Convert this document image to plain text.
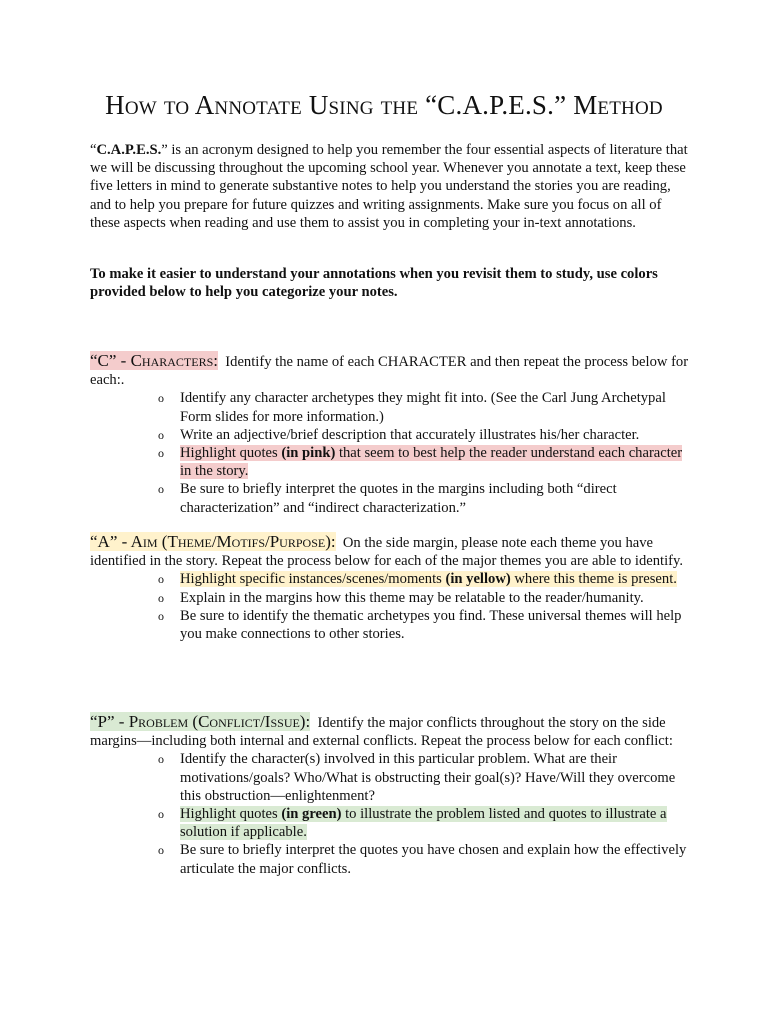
How to Annotate Using the “C.A.P.E.S.” Method
“C.A.P.E.S.” is an acronym designed to help you remember the four essential aspects of literature that we will be discussing throughout the upcoming school year. Whenever you annotate a text, keep these five letters in mind to generate substantive notes to help you understand the stories you are reading, and to help you prepare for future quizzes and writing assignments. Make sure you focus on all of these aspects when reading and use them to assist you in completing your in-text annotations.
To make it easier to understand your annotations when you revisit them to study, use colors provided below to help you categorize your notes.
“C” - Characters: Identify the name of each CHARACTER and then repeat the process below for each:.
o Identify any character archetypes they might fit into. (See the Carl Jung Archetypal Form slides for more information.)
o Write an adjective/brief description that accurately illustrates his/her character.
o Highlight quotes (in pink) that seem to best help the reader understand each character in the story.
o Be sure to briefly interpret the quotes in the margins including both “direct characterization” and “indirect characterization.”
“A” - Aim (Theme/Motifs/Purpose): On the side margin, please note each theme you have identified in the story. Repeat the process below for each of the major themes you are able to identify.
o Highlight specific instances/scenes/moments (in yellow) where this theme is present.
o Explain in the margins how this theme may be relatable to the reader/humanity.
o Be sure to identify the thematic archetypes you find. These universal themes will help you make connections to other stories.
“P” - Problem (Conflict/Issue): Identify the major conflicts throughout the story on the side margins—including both internal and external conflicts. Repeat the process below for each conflict:
o Identify the character(s) involved in this particular problem. What are their motivations/goals? Who/What is obstructing their goal(s)? Have/Will they overcome this obstruction—enlightenment?
o Highlight quotes (in green) to illustrate the problem listed and quotes to illustrate a solution if applicable.
o Be sure to briefly interpret the quotes you have chosen and explain how the effectively articulate the major conflicts.
